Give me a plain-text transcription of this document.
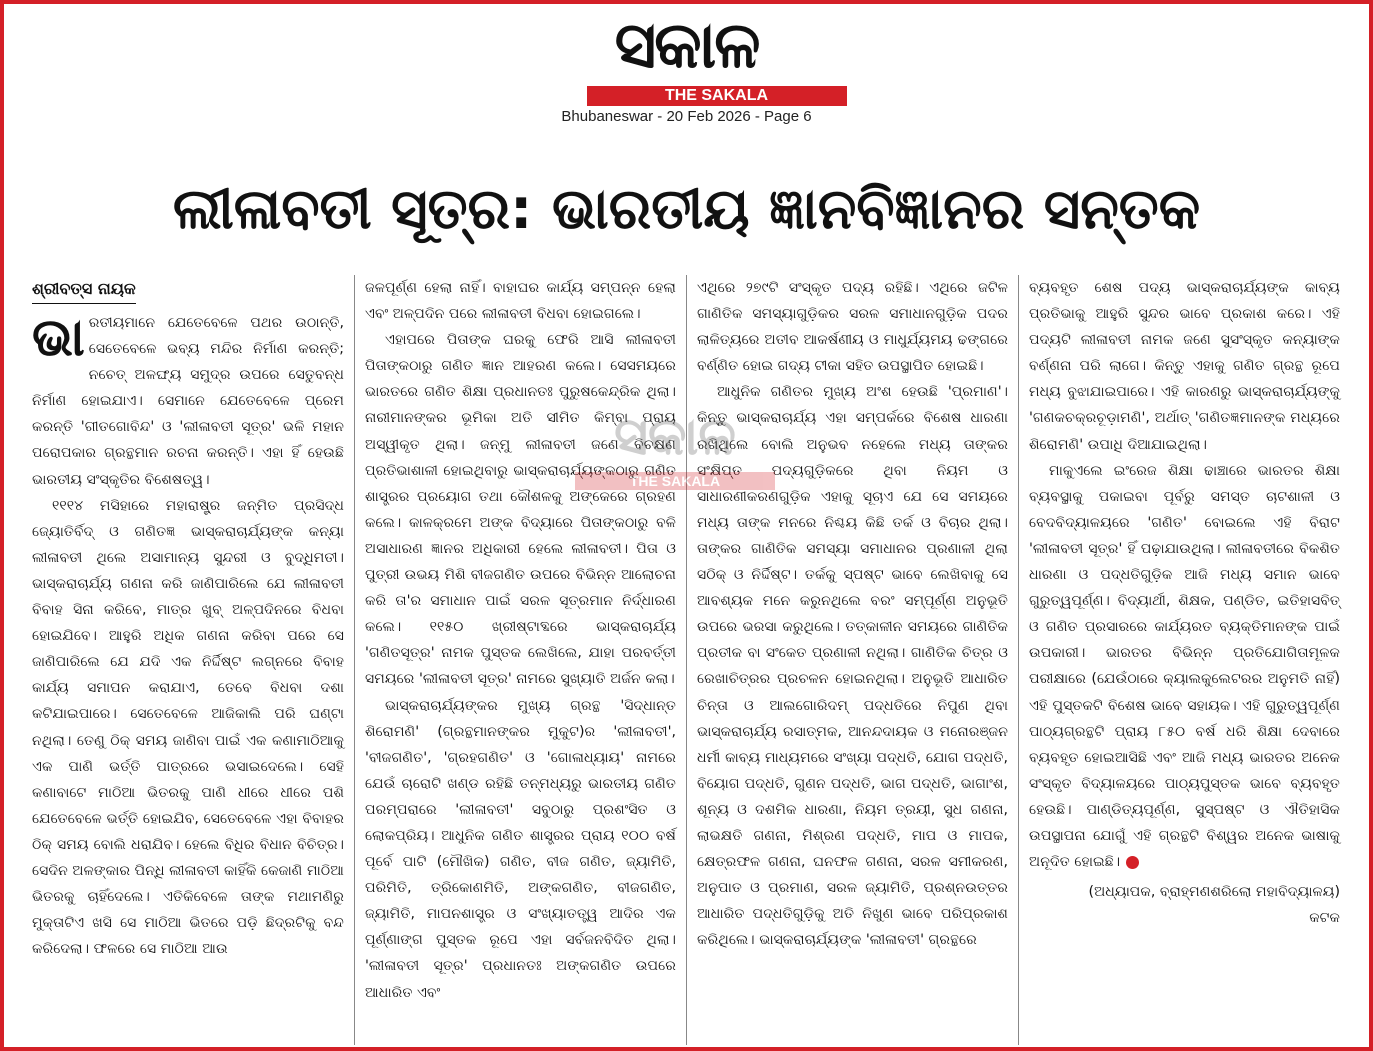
ସକାଳ
THE SAKALA
Bhubaneswar - 20 Feb 2026 - Page 6
ଲୀଳାବତୀ ସୂତ୍ର: ଭାରତୀୟ ଜ୍ଞାନବିଜ୍ଞାନର ସନ୍ତକ
ଶ୍ରୀବତ୍ସ ନାୟକ

ଭାରତୀୟମାନେ ଯେତେବେଳେ ପଥର ଉଠାନ୍ତି, ସେତେବେଳେ ଭବ୍ୟ ମନ୍ଦିର ନିର୍ମାଣ କରନ୍ତି; ନଚେତ୍ ଅଳଙ୍ଘ୍ୟ ସମୁଦ୍ର ଉପରେ ସେତୁବନ୍ଧ ନିର୍ମାଣ ହୋଇଯାଏ। ସେମାନେ ଯେତେବେଳେ ପ୍ରେମ କରନ୍ତି 'ଗୀତଗୋବିନ୍ଦ' ଓ 'ଲୀଳାବତୀ ସୂତ୍ର' ଭଳି ମହାନ ପରୋପକାର ଗ୍ରନ୍ଥମାନ ରଚନା କରନ୍ତି। ଏହା ହିଁ ହେଉଛି ଭାରତୀୟ ସଂସ୍କୃତିର ବିଶେଷତ୍ୱ।

୧୧୧୪ ମସିହାରେ ମହାରାଷ୍ଟ୍ର ଜନ୍ମିତ ପ୍ରସିଦ୍ଧ ଜ୍ୟୋତିର୍ବିଦ୍ ଓ ଗଣିତଜ୍ଞ ଭାସ୍କରାଚାର୍ଯ୍ୟଙ୍କ କନ୍ୟା ଲୀଳାବତୀ ଥିଲେ ଅସାମାନ୍ୟ ସୁନ୍ଦରୀ ଓ ବୁଦ୍ଧିମତୀ। ଭାସ୍କରାଚାର୍ଯ୍ୟ ଗଣନା କରି ଜାଣିପାରିଲେ ଯେ ଲୀଳାବତୀ ବିବାହ ସିନା କରିବେ, ମାତ୍ର ଖୁବ୍ ଅଳ୍ପଦିନରେ ବିଧବା ହୋଇଯିବେ। ଆହୁରି ଅଧିକ ଗଣନା କରିବା ପରେ ସେ ଜାଣିପାରିଲେ ଯେ ଯଦି ଏକ ନିର୍ଦ୍ଦିଷ୍ଟ ଲଗ୍ନରେ ବିବାହ କାର୍ଯ୍ୟ ସମାପନ କରାଯାଏ, ତେବେ ବିଧବା ଦଶା କଟିଯାଇପାରେ। ସେତେବେଳେ ଆଜିକାଲି ପରି ଘଣ୍ଟା ନଥିଲା। ତେଣୁ ଠିକ୍ ସମୟ ଜାଣିବା ପାଇଁ ଏକ କଣାମାଠିଆକୁ ଏକ ପାଣି ଭର୍ତ୍ତି ପାତ୍ରରେ ଭସାଇଦେଲେ। ସେହି କଣାବାଟେ ମାଠିଆ ଭିତରକୁ ପାଣି ଧୀରେ ଧୀରେ ପଶି ଯେତେବେଳେ ଭର୍ତ୍ତି ହୋଇଯିବ, ସେତେବେଳେ ଏହା ବିବାହର ଠିକ୍ ସମୟ ବୋଲି ଧରାଯିବ। ହେଲେ ବିଧିର ବିଧାନ ବିଚିତ୍ର। ସେଦିନ ଅଳଙ୍କାର ପିନ୍ଧି ଲୀଳାବତୀ କାହିଁକି କେଜାଣି ମାଠିଆ ଭିତରକୁ ଚାହିଁଦେଲେ। ଏତିକିବେଳେ ତାଙ୍କ ମଥାମଣିରୁ ମୁକ୍ତାଟିଏ ଖସି ସେ ମାଠିଆ ଭିତରେ ପଡ଼ି ଛିଦ୍ରଟିକୁ ବନ୍ଦ କରିଦେଲା। ଫଳରେ ସେ ମାଠିଆ ଆଉ

ଜଳପୂର୍ଣ୍ଣ ହେଲା ନାହିଁ। ବାହାଘର କାର୍ଯ୍ୟ ସମ୍ପନ୍ନ ହେଲା ଏବଂ ଅଳ୍ପଦିନ ପରେ ଲୀଳାବତୀ ବିଧବା ହୋଇଗଲେ।

ଏହାପରେ ପିତାଙ୍କ ଘରକୁ ଫେରି ଆସି ଲୀଳାବତୀ ପିତାଙ୍କଠାରୁ ଗଣିତ ଜ୍ଞାନ ଆହରଣ କଲେ। ସେସମୟରେ ଭାରତରେ ଗଣିତ ଶିକ୍ଷା ପ୍ରଧାନତଃ ପୁରୁଷକେନ୍ଦ୍ରିକ ଥିଲା। ନାରୀମାନଙ୍କର ଭୂମିକା ଅତି ସୀମିତ କିମ୍ବା ପ୍ରାୟ ଅସ୍ୱୀକୃତ ଥିଲା। ଜନ୍ମୁ ଲୀଳାବତୀ ଜଣେ ବିଚକ୍ଷଣ ପ୍ରତିଭାଶାଳୀ ହୋଇଥିବାରୁ ଭାସ୍କରାଚାର୍ଯ୍ୟଙ୍କଠାରୁ ଗଣିତ ଶାସ୍ତ୍ରର ପ୍ରୟୋଗ ତଥା କୌଶଳକୁ ଅଙ୍କେରେ ଗ୍ରହଣ କଲେ। କାଳକ୍ରମେ ଅଙ୍କ ବିଦ୍ୟାରେ ପିତାଙ୍କଠାରୁ ବଳି ଅସାଧାରଣ ଜ୍ଞାନର ଅଧିକାରୀ ହେଲେ ଲୀଳାବତୀ। ପିତା ଓ ପୁତ୍ରୀ ଉଭୟ ମିଶି ବୀଜଗଣିତ ଉପରେ ବିଭିନ୍ନ ଆଲୋଚନା କରି ତା'ର ସମାଧାନ ପାଇଁ ସରଳ ସୂତ୍ରମାନ ନିର୍ଦ୍ଧାରଣ କଲେ। ୧୧୫୦ ଖ୍ରୀଷ୍ଟାବ୍ଦରେ ଭାସ୍କରାଚାର୍ଯ୍ୟ 'ଗଣିତସୂତ୍ର' ନାମକ ପୁସ୍ତକ ଲେଖିଲେ, ଯାହା ପରବର୍ତ୍ତୀ ସମୟରେ 'ଲୀଳାବତୀ ସୂତ୍ର' ନାମରେ ସୁଖ୍ୟାତି ଅର୍ଜନ କଲା।

ଭାସ୍କରାଚାର୍ଯ୍ୟଙ୍କର ମୁଖ୍ୟ ଗ୍ରନ୍ଥ 'ସିଦ୍ଧାନ୍ତ ଶିରୋମଣି' (ଗ୍ରନ୍ଥମାନଙ୍କର ମୁକୁଟ)ର 'ଲୀଳାବତୀ', 'ବୀଜଗଣିତ', 'ଗ୍ରହଗଣିତ' ଓ 'ଗୋଳାଧ୍ୟାୟ' ନାମରେ ଯେଉଁ ଚାରୋଟି ଖଣ୍ଡ ରହିଛି ତନ୍ମଧ୍ୟରୁ ଭାରତୀୟ ଗଣିତ ପରମ୍ପରାରେ 'ଲୀଳାବତୀ' ସବୁଠାରୁ ପ୍ରଶଂସିତ ଓ ଲୋକପ୍ରିୟ। ଆଧୁନିକ ଗଣିତ ଶାସ୍ତ୍ରର ପ୍ରାୟ ୧୦୦ ବର୍ଷ ପୂର୍ବେ ପାଟି (ମୌଖିକ) ଗଣିତ, ବୀଜ ଗଣିତ, ଜ୍ୟାମିତି, ପରିମିତି, ତ୍ରିକୋଣମିତି, ଅଙ୍କଗଣିତ, ବୀଜଗଣିତ, ଜ୍ୟାମିତି, ମାପନଶାସ୍ତ୍ର ଓ ସଂଖ୍ୟାତତ୍ତ୍ୱ ଆଦିର ଏକ ପୂର୍ଣ୍ଣାଙ୍ଗ ପୁସ୍ତକ ରୂପେ ଏହା ସର୍ବଜନବିଦିତ ଥିଲା। 'ଲୀଳାବତୀ ସୂତ୍ର' ପ୍ରଧାନତଃ ଅଙ୍କଗଣିତ ଉପରେ ଆଧାରିତ ଏବଂ

ଏଥିରେ ୨୭୯ଟି ସଂସ୍କୃତ ପଦ୍ୟ ରହିଛି। ଏଥିରେ ଜଟିଳ ଗାଣିତିକ ସମସ୍ୟାଗୁଡ଼ିକର ସରଳ ସମାଧାନଗୁଡ଼ିକ ପଦର ଲାଳିତ୍ୟରେ ଅତୀବ ଆକର୍ଷଣୀୟ ଓ ମାଧୁର୍ଯ୍ୟମୟ ଢଙ୍ଗରେ ବର୍ଣ୍ଣିତ ହୋଇ ଗଦ୍ୟ ଟୀକା ସହିତ ଉପସ୍ଥାପିତ ହୋଇଛି।

ଆଧୁନିକ ଗଣିତର ମୁଖ୍ୟ ଅଂଶ ହେଉଛି 'ପ୍ରମାଣ'। କିନ୍ତୁ ଭାସ୍କରାଚାର୍ଯ୍ୟ ଏହା ସମ୍ପର୍କରେ ବିଶେଷ ଧାରଣା ରଖିଥିଲେ ବୋଲି ଅନୁଭବ ନହେଲେ ମଧ୍ୟ ତାଙ୍କର ସଂକ୍ଷିପ୍ତ ପଦ୍ୟଗୁଡ଼ିକରେ ଥିବା ନିୟମ ଓ ସାଧାରଣୀକରଣଗୁଡ଼ିକ ଏହାକୁ ସୂଚାଏ ଯେ ସେ ସମୟରେ ମଧ୍ୟ ତାଙ୍କ ମନରେ ନିଶ୍ଚୟ କିଛି ତର୍କ ଓ ବିଚାର ଥିଲା। ତାଙ୍କର ଗାଣିତିକ ସମସ୍ୟା ସମାଧାନର ପ୍ରଣାଳୀ ଥିଲା ସଠିକ୍ ଓ ନିର୍ଦ୍ଦିଷ୍ଟ। ତର୍କକୁ ସ୍ପଷ୍ଟ ଭାବେ ଲେଖିବାକୁ ସେ ଆବଶ୍ୟକ ମନେ କରୁନଥିଲେ ବରଂ ସମ୍ପୂର୍ଣ୍ଣ ଅନୁଭୂତି ଉପରେ ଭରସା କରୁଥିଲେ। ତତ୍କାଳୀନ ସମୟରେ ଗାଣିତିକ ପ୍ରତୀକ ବା ସଂକେତ ପ୍ରଣାଳୀ ନଥିଲା। ଗାଣିତିକ ଚିତ୍ର ଓ ରେଖାଚିତ୍ରର ପ୍ରଚଳନ ହୋଇନଥିଲା। ଅନୁଭୂତି ଆଧାରିତ ଚିନ୍ତା ଓ ଆଲଗୋରିଦମ୍ ପଦ୍ଧତିରେ ନିପୁଣ ଥିବା ଭାସ୍କରାଚାର୍ଯ୍ୟ ରସାତ୍ମକ, ଆନନ୍ଦଦାୟକ ଓ ମନୋରଞ୍ଜନ ଧର୍ମୀ କାବ୍ୟ ମାଧ୍ୟମରେ ସଂଖ୍ୟା ପଦ୍ଧତି, ଯୋଗ ପଦ୍ଧତି, ବିୟୋଗ ପଦ୍ଧତି, ଗୁଣନ ପଦ୍ଧତି, ଭାଗ ପଦ୍ଧତି, ଭାଗାଂଶ, ଶୂନ୍ୟ ଓ ଦଶମିକ ଧାରଣା, ନିୟମ ତ୍ରୟୀ, ସୁଧ ଗଣନା, ଲାଭକ୍ଷତି ଗଣନା, ମିଶ୍ରଣ ପଦ୍ଧତି, ମାପ ଓ ମାପକ, କ୍ଷେତ୍ରଫଳ ଗଣନା, ଘନଫଳ ଗଣନା, ସରଳ ସମୀକରଣ, ଅନୁପାତ ଓ ପ୍ରମାଣ, ସରଳ ଜ୍ୟାମିତି, ପ୍ରଶ୍ନଉତ୍ତର ଆଧାରିତ ପଦ୍ଧତିଗୁଡ଼ିକୁ ଅତି ନିଖୁଣ ଭାବେ ପରିପ୍ରକାଶ କରିଥିଲେ। ଭାସ୍କରାଚାର୍ଯ୍ୟଙ୍କ 'ଲୀଳାବତୀ' ଗ୍ରନ୍ଥରେ

ବ୍ୟବହୃତ ଶେଷ ପଦ୍ୟ ଭାସ୍କରାଚାର୍ଯ୍ୟଙ୍କ କାବ୍ୟ ପ୍ରତିଭାକୁ ଆହୁରି ସୁନ୍ଦର ଭାବେ ପ୍ରକାଶ କରେ। ଏହି ପଦ୍ୟଟି ଲୀଳାବତୀ ନାମକ ଜଣେ ସୁସଂସ୍କୃତ କନ୍ୟାଙ୍କ ବର୍ଣ୍ଣନା ପରି ଲାଗେ। କିନ୍ତୁ ଏହାକୁ ଗଣିତ ଗ୍ରନ୍ଥ ରୂପେ ମଧ୍ୟ ବୁଝାଯାଇପାରେ। ଏହି କାରଣରୁ ଭାସ୍କରାଚାର୍ଯ୍ୟଙ୍କୁ 'ଗଣକଚକ୍ରଚୂଡ଼ାମଣି', ଅର୍ଥାତ୍ 'ଗଣିତଜ୍ଞମାନଙ୍କ ମଧ୍ୟରେ ଶିରୋମଣି' ଉପାଧି ଦିଆଯାଇଥିଲା।

ମାକୁଏଲେ ଇଂରେଜ ଶିକ୍ଷା ଢାଞ୍ଚାରେ ଭାରତର ଶିକ୍ଷା ବ୍ୟବସ୍ଥାକୁ ପକାଇବା ପୂର୍ବରୁ ସମସ୍ତ ଚାଟଶାଳୀ ଓ ବେଦବିଦ୍ୟାଳୟରେ 'ଗଣିତ' ବୋଇଲେ ଏହି ବିରାଟ 'ଲୀଳାବତୀ ସୂତ୍ର' ହିଁ ପଢ଼ାଯାଉଥିଲା। ଲୀଳାବତୀରେ ବିକଶିତ ଧାରଣା ଓ ପଦ୍ଧତିଗୁଡ଼ିକ ଆଜି ମଧ୍ୟ ସମାନ ଭାବେ ଗୁରୁତ୍ୱପୂର୍ଣ୍ଣ। ବିଦ୍ୟାର୍ଥୀ, ଶିକ୍ଷକ, ପଣ୍ଡିତ, ଇତିହାସବିତ୍ ଓ ଗଣିତ ପ୍ରସାରରେ କାର୍ଯ୍ୟରତ ବ୍ୟକ୍ତିମାନଙ୍କ ପାଇଁ ଉପକାରୀ। ଭାରତର ବିଭିନ୍ନ ପ୍ରତିଯୋଗିତାମୂଳକ ପରୀକ୍ଷାରେ (ଯେଉଁଠାରେ କ୍ୟାଲକୁଲେଟରର ଅନୁମତି ନାହିଁ) ଏହି ପୁସ୍ତକଟି ବିଶେଷ ଭାବେ ସହାୟକ। ଏହି ଗୁରୁତ୍ୱପୂର୍ଣ୍ଣ ପାଠ୍ୟଗ୍ରନ୍ଥଟି ପ୍ରାୟ ୮୫୦ ବର୍ଷ ଧରି ଶିକ୍ଷା ଦେବାରେ ବ୍ୟବହୃତ ହୋଇଆସିଛି ଏବଂ ଆଜି ମଧ୍ୟ ଭାରତର ଅନେକ ସଂସ୍କୃତ ବିଦ୍ୟାଳୟରେ ପାଠ୍ୟପୁସ୍ତକ ଭାବେ ବ୍ୟବହୃତ ହେଉଛି। ପାଣ୍ଡିତ୍ୟପୂର୍ଣ୍ଣ, ସୁସ୍ପଷ୍ଟ ଓ ଐତିହାସିକ ଉପସ୍ଥାପନା ଯୋଗୁଁ ଏହି ଗ୍ରନ୍ଥଟି ବିଶ୍ୱର ଅନେକ ଭାଷାକୁ ଅନୂଦିତ ହୋଇଛି।

(ଅଧ୍ୟାପକ, ବ୍ରାହ୍ମଣଶରିଲୋ ମହାବିଦ୍ୟାଳୟ)
କଟକ
ସକାଳ
THE SAKALA
